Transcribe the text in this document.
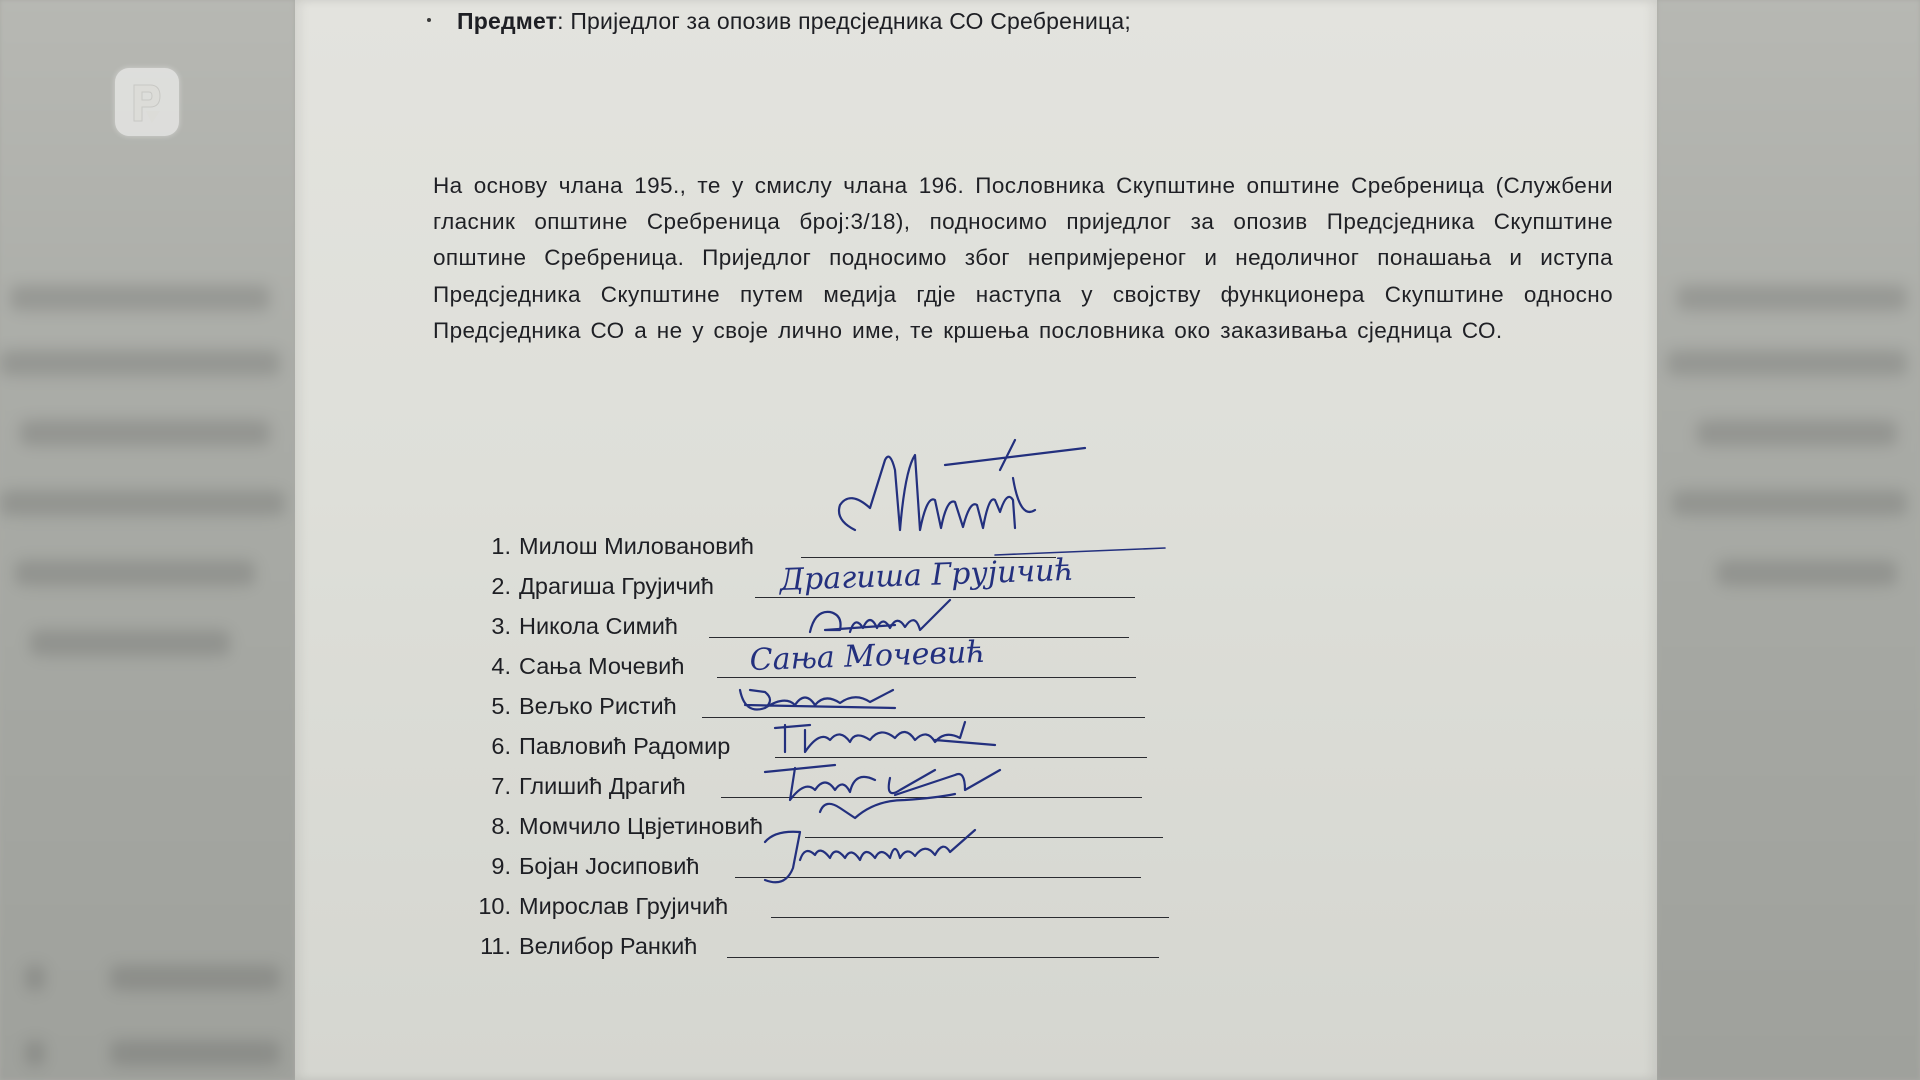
Предмет: Приједлог за опозив предсједника СО Сребреница;
На основу члана 195., те у смислу члана 196. Пословника Скупштине општине Сребреница (Службени гласник општине Сребреница број:3/18), подносимо приједлог за опозив Предсједника Скупштине општине Сребреница. Приједлог подносимо због непримјереног и недоличног понашања и иступа Предсједника Скупштине путем медија гдје наступа у својству функционера Скупштине односно Предсједника СО а не у своје лично име, те кршења пословника око заказивања сједница СО.
1. Милош Миловановић
2. Драгиша Грујичић
3. Никола Симић
4. Сања Мочевић
5. Вељко Ристић
6. Павловић Радомир
7. Глишић Драгић
8. Момчило Цвјетиновић
9. Бојан Јосиповић
10. Мирослав Грујичић
11. Велибор Ранкић
Драгиша Грујичић
Сања Мочевић
